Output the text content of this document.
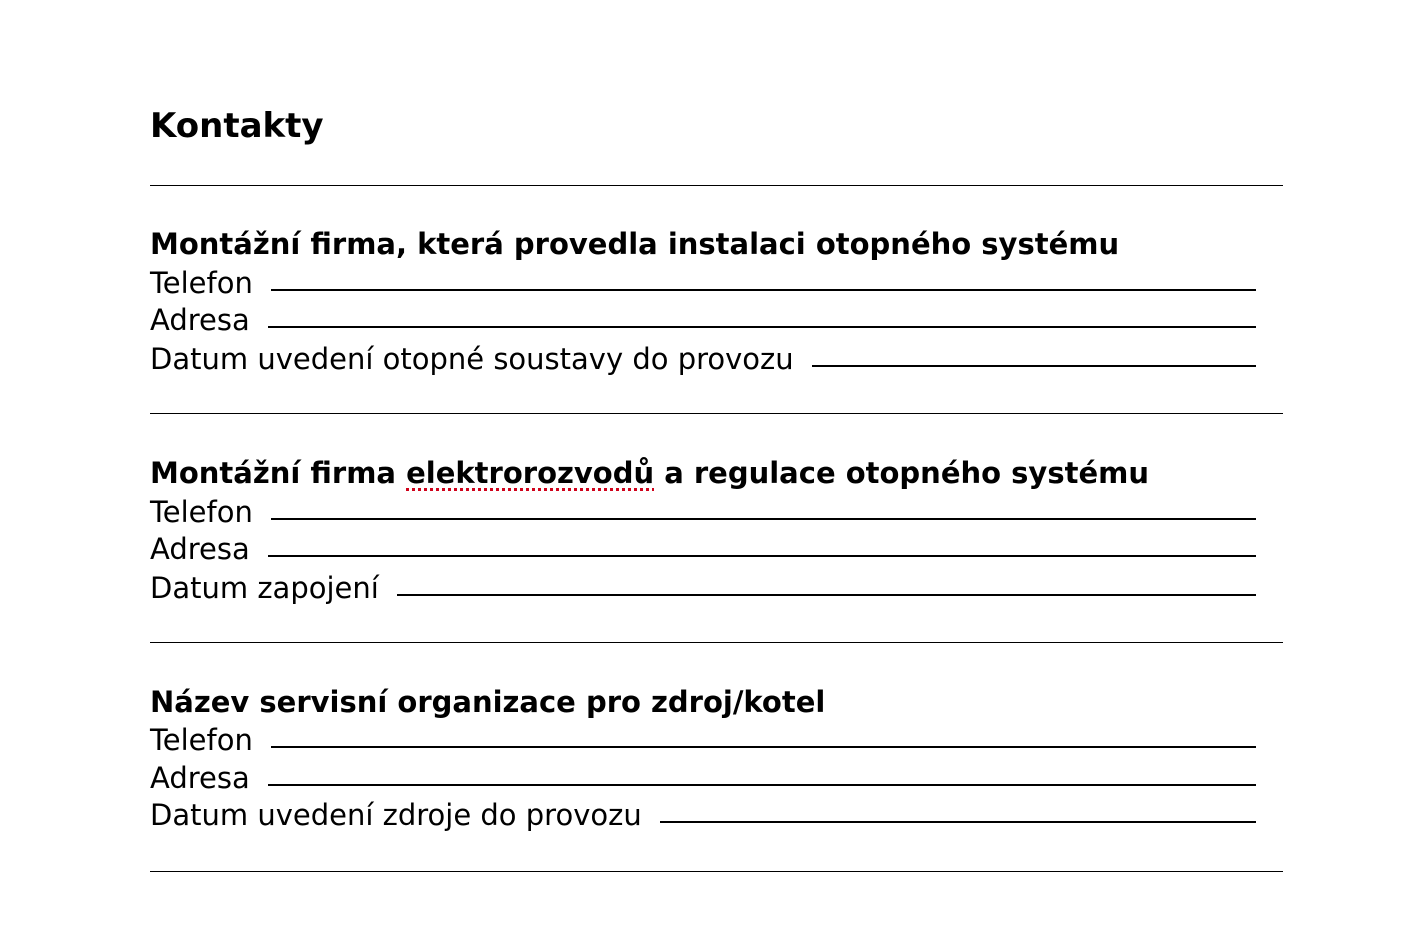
Kontakty
Montážní firma, která provedla instalaci otopného systému
Telefon
Adresa
Datum uvedení otopné soustavy do provozu
Montážní firma elektrorozvodů a regulace otopného systému
Telefon
Adresa
Datum zapojení
Název servisní organizace pro zdroj/kotel
Telefon
Adresa
Datum uvedení zdroje do provozu
